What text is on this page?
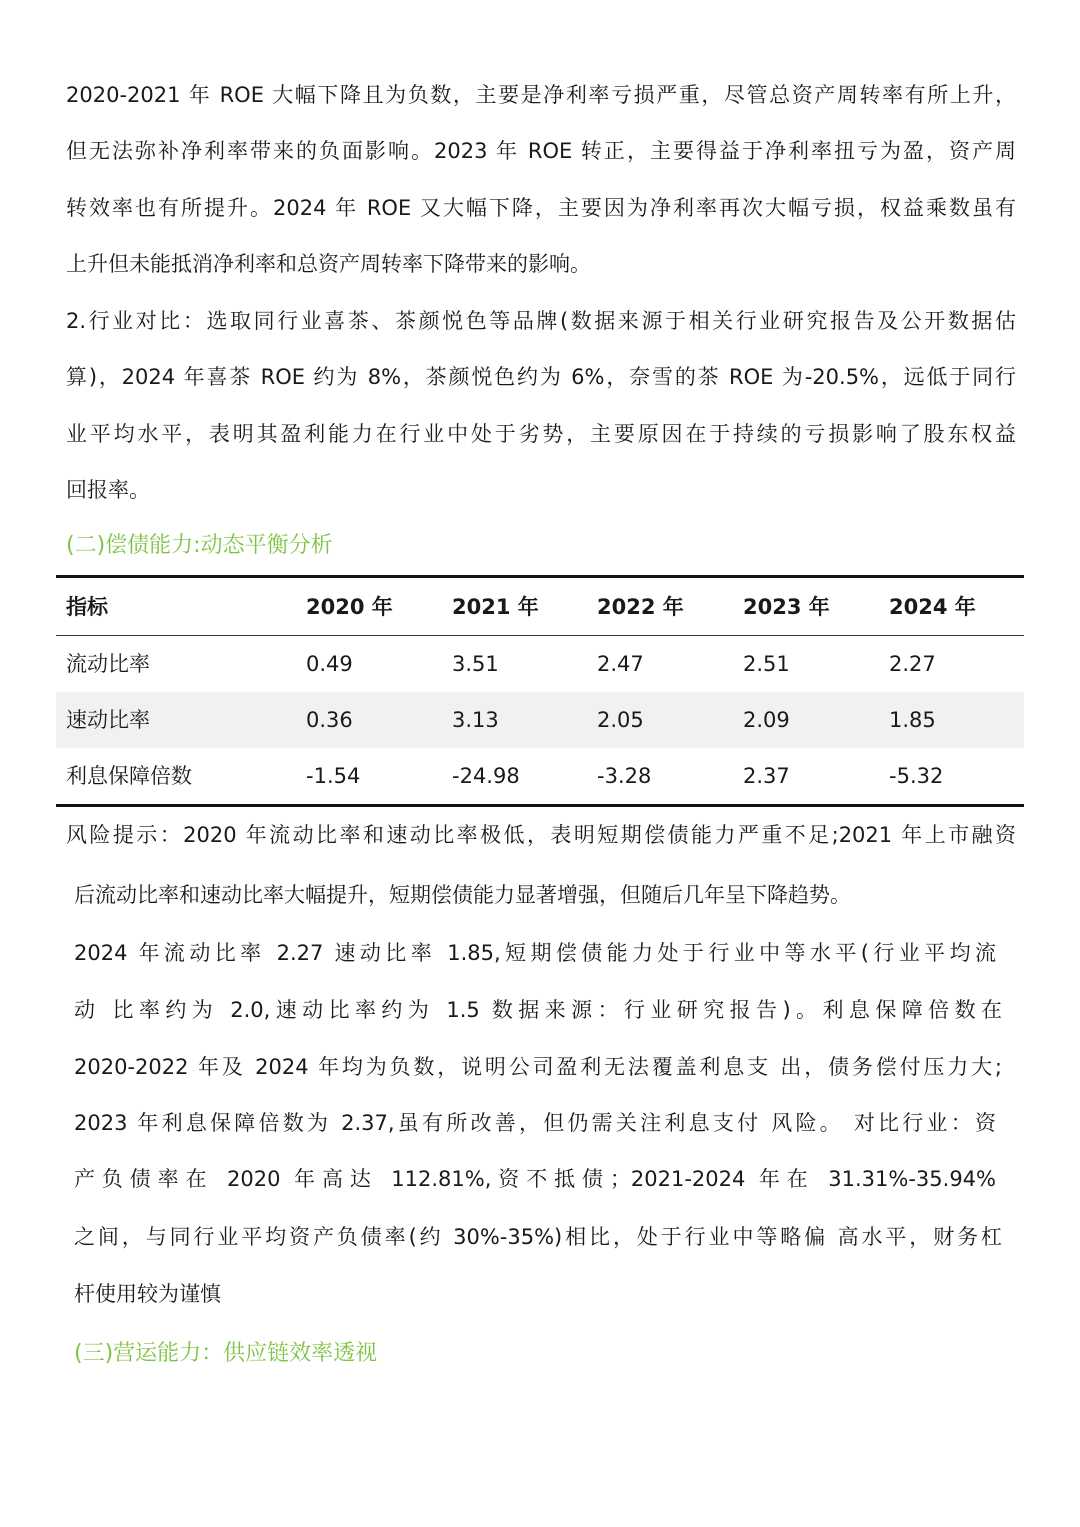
2020-2021 年 ROE 大幅下降且为负数，主要是净利率亏损严重，尽管总资产周转率有所上升，
但无法弥补净利率带来的负面影响。2023 年 ROE 转正，主要得益于净利率扭亏为盈，资产周
转效率也有所提升。2024 年 ROE 又大幅下降，主要因为净利率再次大幅亏损，权益乘数虽有
上升但未能抵消净利率和总资产周转率下降带来的影响。
2.行业对比：选取同行业喜茶、茶颜悦色等品牌(数据来源于相关行业研究报告及公开数据估
算)，2024 年喜茶 ROE 约为 8%，茶颜悦色约为 6%，奈雪的茶 ROE 为-20.5%，远低于同行
业平均水平，表明其盈利能力在行业中处于劣势，主要原因在于持续的亏损影响了股东权益
回报率。
(二)偿债能力:动态平衡分析
指标	2020 年	2021 年	2022 年	2023 年	2024 年
流动比率	0.49	3.51	2.47	2.51	2.27
速动比率	0.36	3.13	2.05	2.09	1.85
利息保障倍数	-1.54	-24.98	-3.28	2.37	-5.32
风险提示：2020 年流动比率和速动比率极低，表明短期偿债能力严重不足;2021 年上市融资
后流动比率和速动比率大幅提升，短期偿债能力显著增强，但随后几年呈下降趋势。
2024 年流动比率 2.27 速动比率 1.85,短期偿债能力处于行业中等水平(行业平均流
动 比率约为 2.0,速动比率约为 1.5 数据来源：行业研究报告)。利息保障倍数在
2020-2022 年及 2024 年均为负数，说明公司盈利无法覆盖利息支 出，债务偿付压力大;
2023 年利息保障倍数为 2.37,虽有所改善，但仍需关注利息支付 风险。 对比行业：资
产负债率在 2020 年高达 112.81%,资不抵债；2021-2024 年在 31.31%-35.94%
之间，与同行业平均资产负债率(约 30%-35%)相比，处于行业中等略偏 高水平，财务杠
杆使用较为谨慎
(三)营运能力：供应链效率透视
